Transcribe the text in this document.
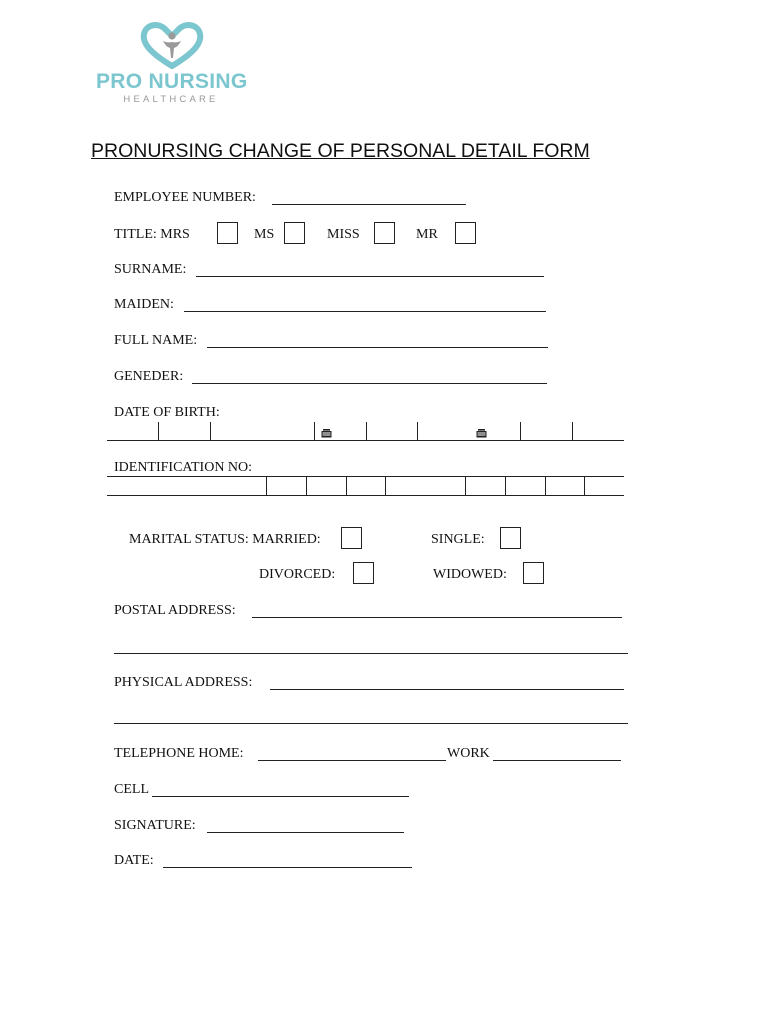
PRO NURSING
HEALTHCARE
PRONURSING CHANGE OF PERSONAL DETAIL FORM
EMPLOYEE NUMBER:
TITLE: MRS	MS	MISS	MR
SURNAME:
MAIDEN:
FULL NAME:
GENEDER:
DATE OF BIRTH:
IDENTIFICATION NO:
MARITAL STATUS: MARRIED:	SINGLE:
DIVORCED:	WIDOWED:
POSTAL ADDRESS:
PHYSICAL ADDRESS:
TELEPHONE HOME:	WORK
CELL
SIGNATURE:
DATE:
